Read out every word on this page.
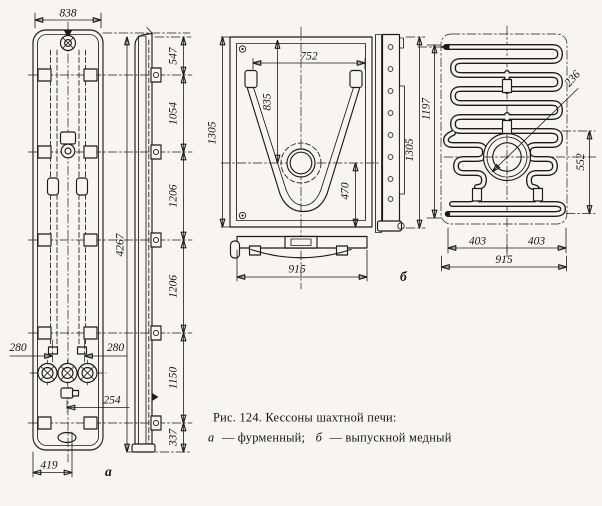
838
4267
547
1054
1206
1206
1150
337
280	280
254
419	а
1305
752
835
470
915	б
1305
1197
236
552
403	403
915
Рис. 124. Кессоны шахтной печи:
а — фурменный; б — выпускной медный
